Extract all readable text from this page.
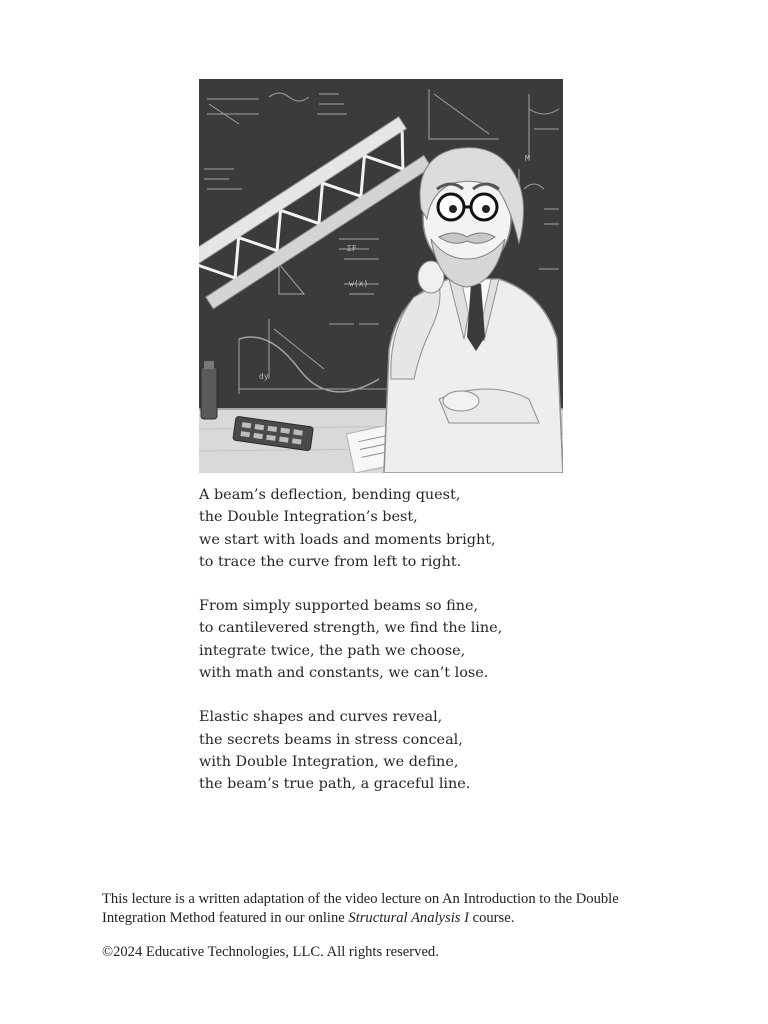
ΣF
w(x)
M
dy
A beam’s deflection, bending quest,
the Double Integration’s best,
we start with loads and moments bright,
to trace the curve from left to right.
From simply supported beams so fine,
to cantilevered strength, we find the line,
integrate twice, the path we choose,
with math and constants, we can’t lose.
Elastic shapes and curves reveal,
the secrets beams in stress conceal,
with Double Integration, we define,
the beam’s true path, a graceful line.

This lecture is a written adaptation of the video lecture on An Introduction to the Double Integration Method featured in our online Structural Analysis I course.

©2024 Educative Technologies, LLC. All rights reserved.
